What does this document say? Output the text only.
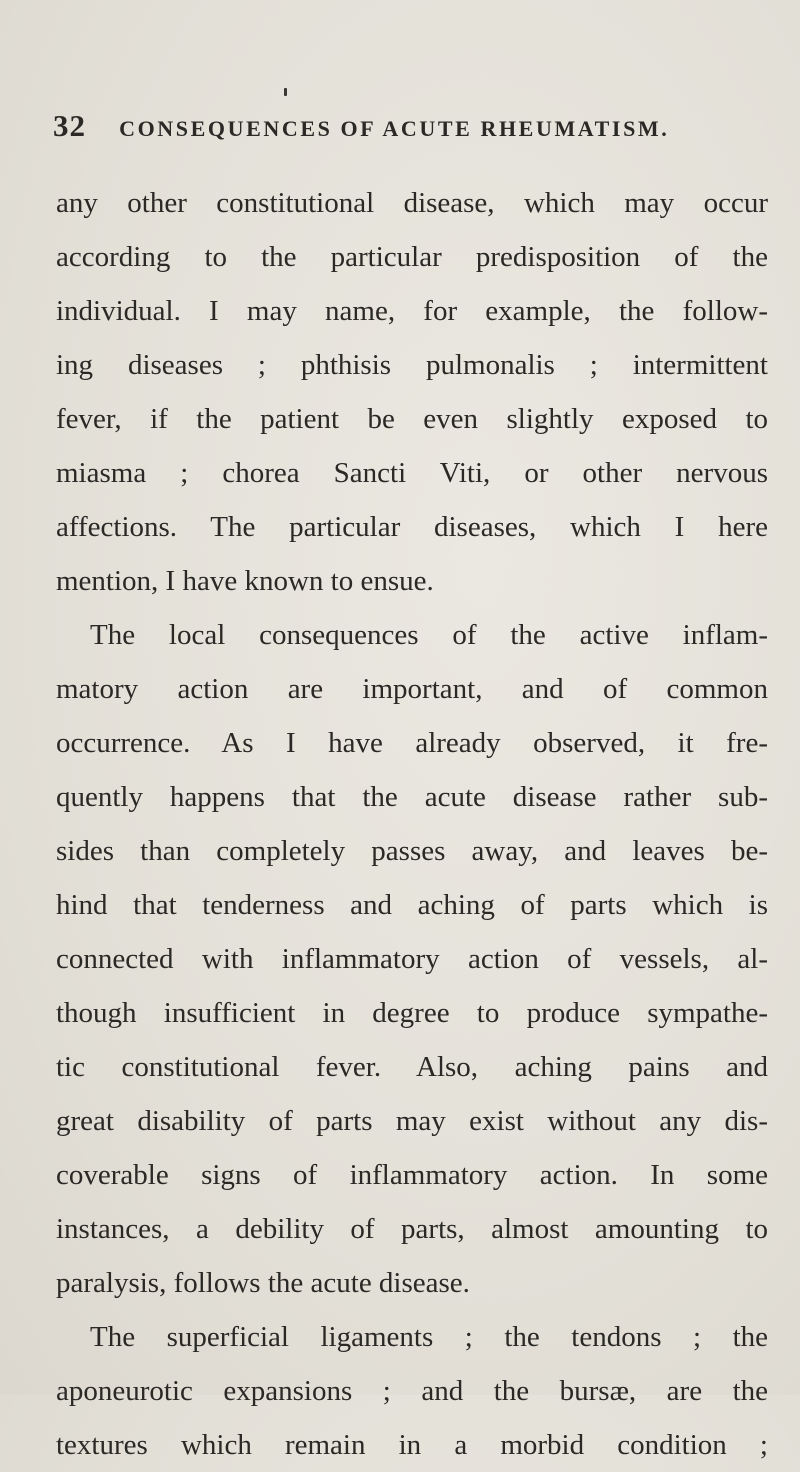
32 CONSEQUENCES OF ACUTE RHEUMATISM.
any other constitutional disease, which may occur
according to the particular predisposition of the
individual. I may name, for example, the follow-
ing diseases ; phthisis pulmonalis ; intermittent
fever, if the patient be even slightly exposed to
miasma ; chorea Sancti Viti, or other nervous
affections. The particular diseases, which I here
mention, I have known to ensue.
The local consequences of the active inflam-
matory action are important, and of common
occurrence. As I have already observed, it fre-
quently happens that the acute disease rather sub-
sides than completely passes away, and leaves be-
hind that tenderness and aching of parts which is
connected with inflammatory action of vessels, al-
though insufficient in degree to produce sympathe-
tic constitutional fever. Also, aching pains and
great disability of parts may exist without any dis-
coverable signs of inflammatory action. In some
instances, a debility of parts, almost amounting to
paralysis, follows the acute disease.
The superficial ligaments ; the tendons ; the
aponeurotic expansions ; and the bursæ, are the
textures which remain in a morbid condition ;
